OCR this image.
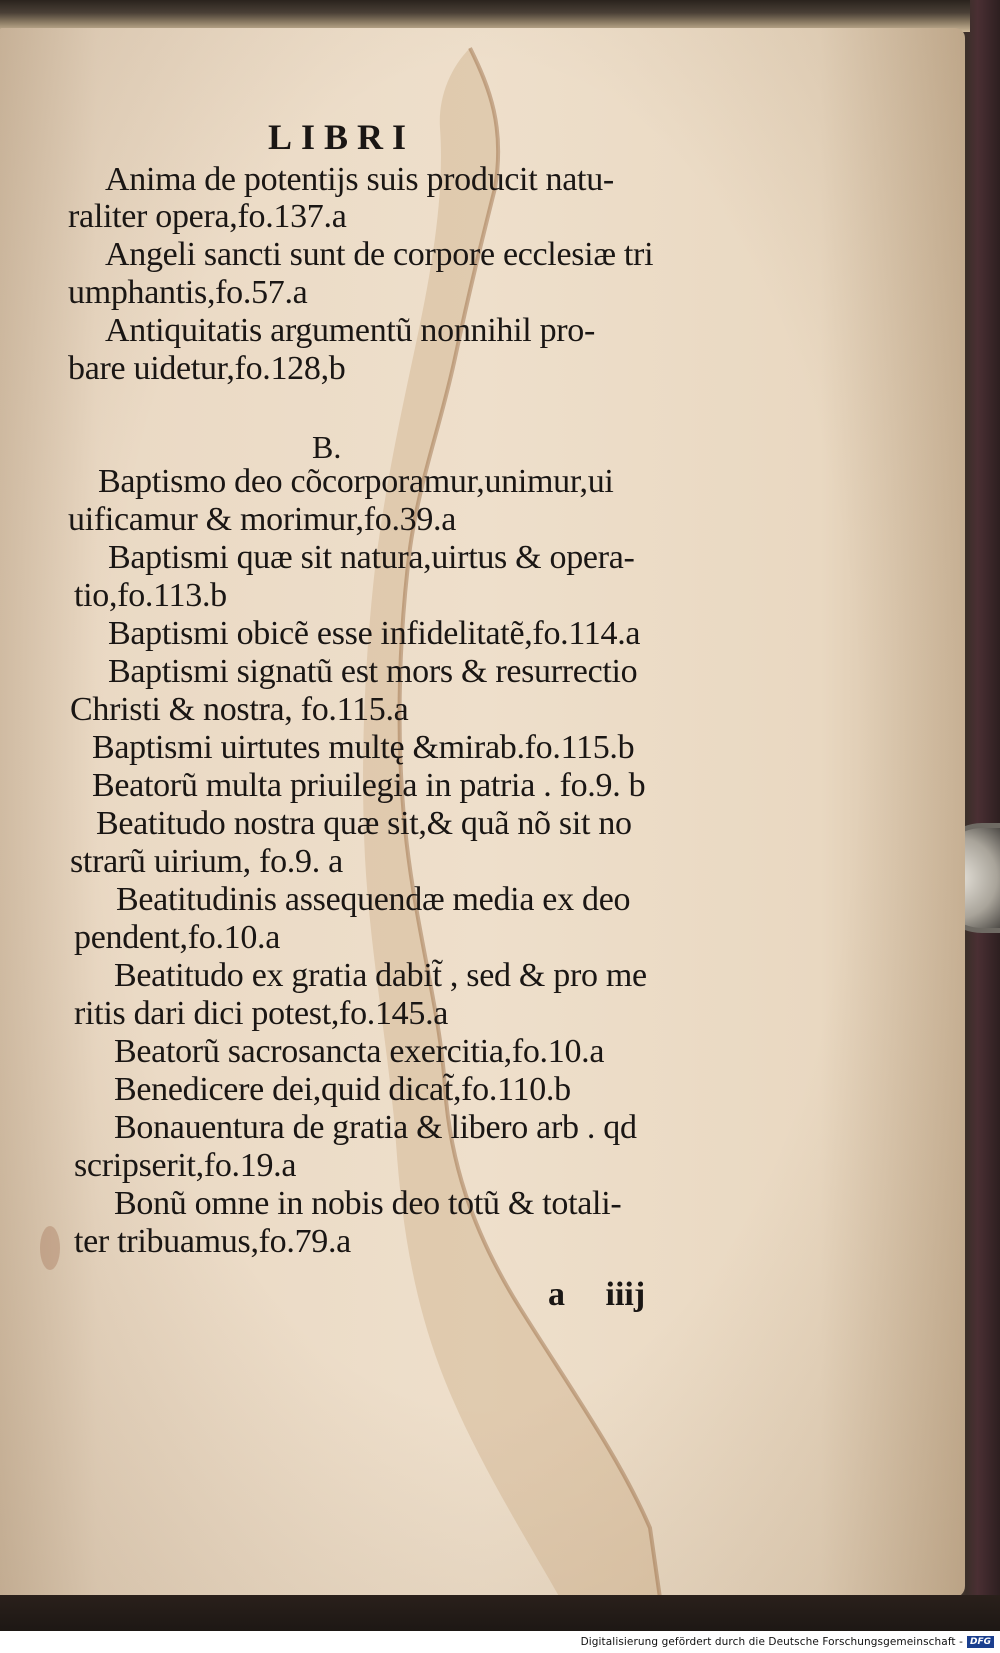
LIBRI
Anima de potentijs suis producit natu-
raliter opera,fo.137.a
Angeli sancti sunt de corpore ecclesiæ tri
umphantis,fo.57.a
Antiquitatis argumentũ nonnihil pro-
bare uidetur,fo.128,b
B.
Baptismo deo cõcorporamur,unimur,ui
uificamur & morimur,fo.39.a
Baptismi quæ sit natura,uirtus & opera-
tio,fo.113.b
Baptismi obicẽ esse infidelitatẽ,fo.114.a
Baptismi signatũ est mors & resurrectio
Christi & nostra, fo.115.a
Baptismi uirtutes multę &mirab.fo.115.b
Beatorũ multa priuilegia in patria . fo.9. b
Beatitudo nostra quæ sit,& quã nõ sit no
strarũ uirium, fo.9. a
Beatitudinis assequendæ media ex deo
pendent,fo.10.a
Beatitudo ex gratia dabit̃ , sed & pro me
ritis dari dici potest,fo.145.a
Beatorũ sacrosancta exercitia,fo.10.a
Benedicere dei,quid dicat̃,fo.110.b
Bonauentura de gratia & libero arb . qd
scripserit,fo.19.a
Bonũ omne in nobis deo totũ & totali-
ter tribuamus,fo.79.a
a iiij
Digitalisierung gefördert durch die Deutsche Forschungsgemeinschaft - DFG
